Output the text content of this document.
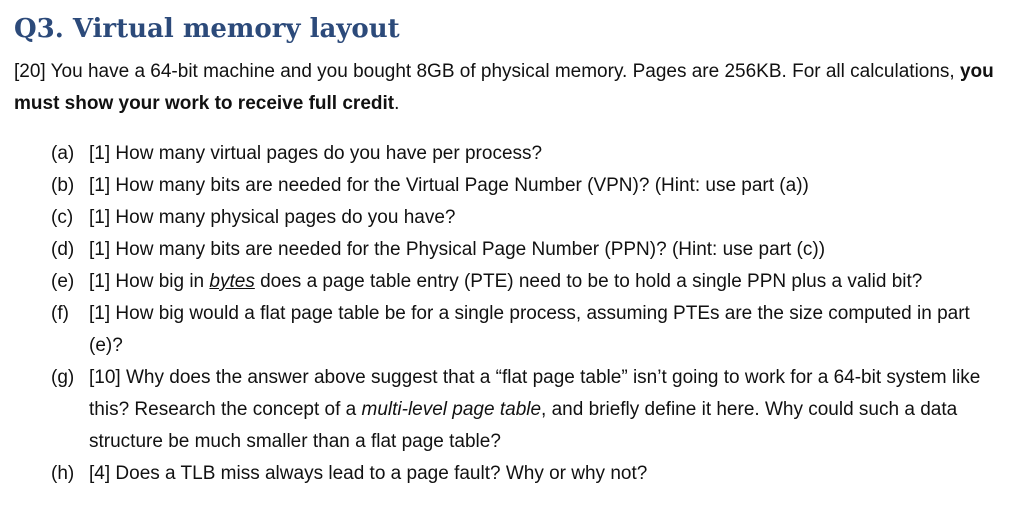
Q3. Virtual memory layout
[20] You have a 64-bit machine and you bought 8GB of physical memory. Pages are 256KB. For all calculations, you must show your work to receive full credit.
(a) [1] How many virtual pages do you have per process?
(b) [1] How many bits are needed for the Virtual Page Number (VPN)? (Hint: use part (a))
(c) [1] How many physical pages do you have?
(d) [1] How many bits are needed for the Physical Page Number (PPN)? (Hint: use part (c))
(e) [1] How big in bytes does a page table entry (PTE) need to be to hold a single PPN plus a valid bit?
(f) [1] How big would a flat page table be for a single process, assuming PTEs are the size computed in part (e)?
(g) [10] Why does the answer above suggest that a “flat page table” isn’t going to work for a 64-bit system like this? Research the concept of a multi-level page table, and briefly define it here. Why could such a data structure be much smaller than a flat page table?
(h) [4] Does a TLB miss always lead to a page fault? Why or why not?
